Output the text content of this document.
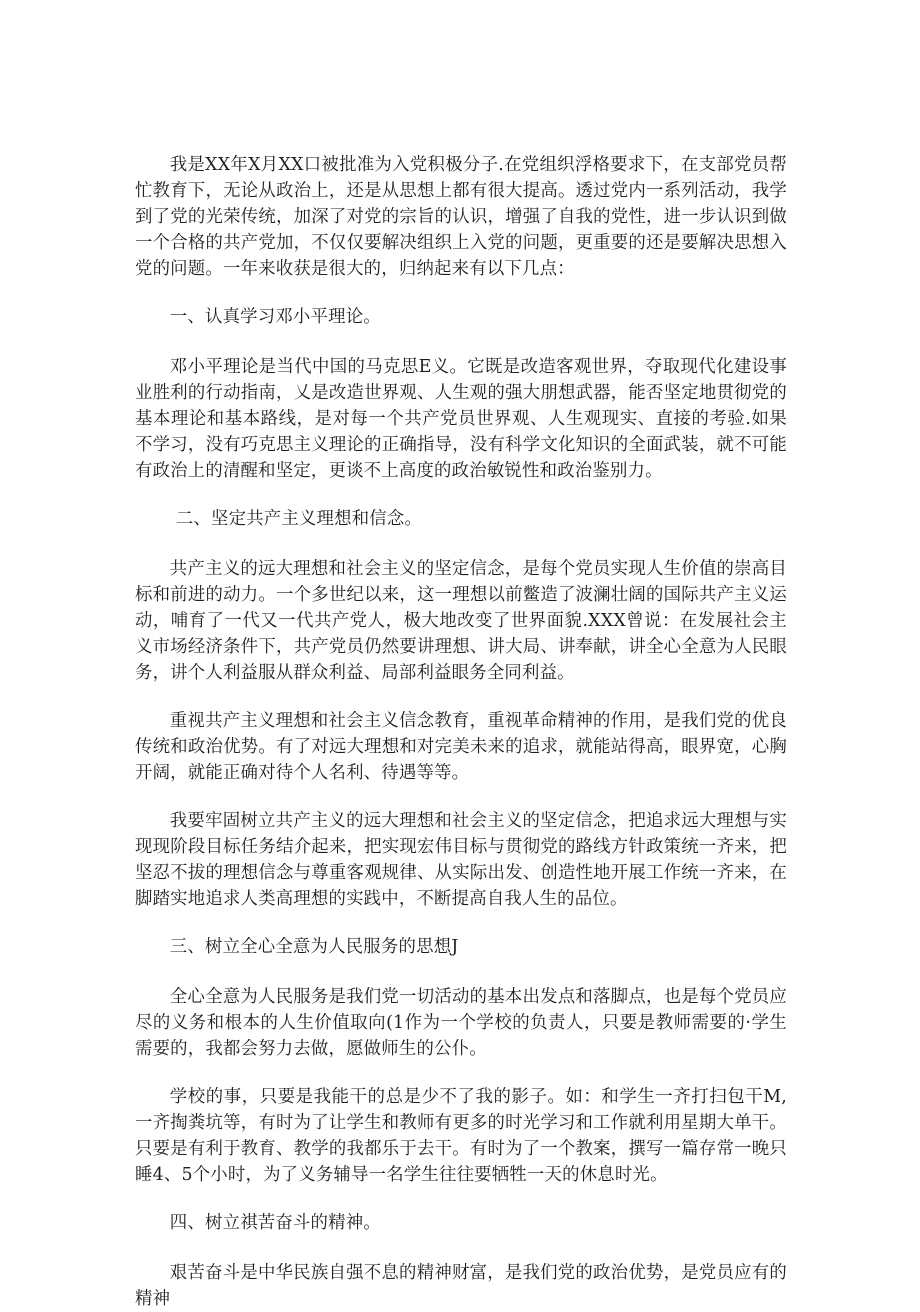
我是XX年X月XX口被批准为入党积极分子.在党组织浮格要求下，在支部党员帮忙教育下，无论从政治上，还是从思想上都有很大提高。透过党内一系列活动，我学到了党的光荣传统，加深了对党的宗旨的认识，增强了自我的党性，进一步认识到做一个合格的共产党加，不仅仅要解决组织上入党的问题，更重要的还是要解决思想入党的问题。一年来收获是很大的，归纳起来有以下几点：

一、认真学习邓小平理论。

邓小平理论是当代中国的马克思E义。它既是改造客观世界，夺取现代化建设事业胜利的行动指南，乂是改造世界观、人生观的强大朋想武器，能否坚定地贯彻党的基本理论和基本路线，是对每一个共产党员世界观、人生观现实、直接的考验.如果不学习，没有巧克思主义理论的正确指导，没有科学文化知识的全面武装，就不可能有政治上的清醒和坚定，更谈不上高度的政治敏锐性和政治鉴别力。

二、坚定共产主义理想和信念。

共产主义的远大理想和社会主义的坚定信念，是每个党员实现人生价值的崇高目标和前进的动力。一个多世纪以来，这一理想以前鳖造了波澜壮阔的国际共产主义运动，哺育了一代又一代共产党人，极大地改变了世界面貌.XXX曾说：在发展社会主义市场经济条件下，共产党员仍然要讲理想、讲大局、讲奉献，讲全心全意为人民眼务，讲个人利益服从群众利益、局部利益眼务全同利益。

重视共产主义理想和社会主义信念教育，重视革命精神的作用，是我们党的优良传统和政治优势。有了对远大理想和对完美未来的追求，就能站得高，眼界宽，心胸开阔，就能正确对待个人名利、待遇等等。

我要牢固树立共产主义的远大理想和社会主义的坚定信念，把追求远大理想与实现现阶段目标任务结介起来，把实现宏伟目标与贯彻党的路线方针政策统一齐来，把坚忍不拔的理想信念与尊重客观规律、从实际出发、创造性地开展工作统一齐来，在脚踏实地追求人类高理想的实践中，不断提高自我人生的品位。

三、树立全心全意为人民服务的思想J

全心全意为人民服务是我们党一切活动的基本出发点和落脚点，也是每个党员应尽的义务和根本的人生价值取向(1作为一个学校的负责人，只要是教师需要的·学生需要的，我都会努力去做，愿做师生的公仆。

学校的事，只要是我能干的总是少不了我的影子。如：和学生一齐打扫包干M,一齐掏粪坑等，有时为了让学生和教师有更多的时光学习和工作就利用星期大单干。只要是有利于教育、教学的我都乐于去干。有时为了一个教案，撰写一篇存常一晚只睡4、5个小时，为了义务辅导一名学生往往要牺牲一天的休息时光。

四、树立祺苦奋斗的精神。

艰苦奋斗是中华民族自强不息的精神财富，是我们党的政治优势，是党员应有的精神
